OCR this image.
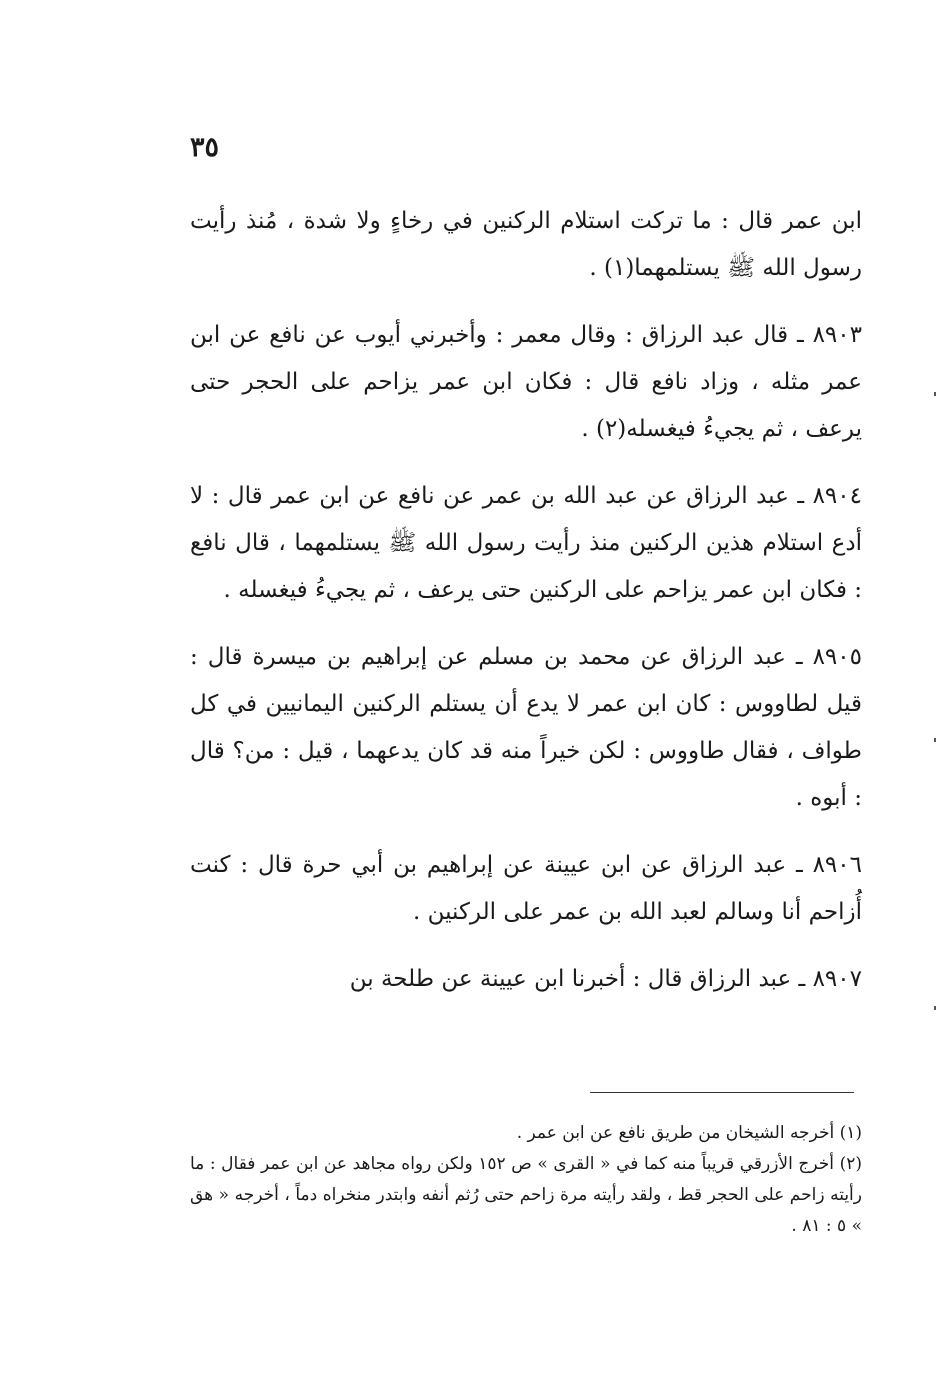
٣٥

ابن عمر قال : ما تركت استلام الركنين في رخاءٍ ولا شدة ، مُنذ رأيت رسول الله ﷺ يستلمهما(١) .

٨٩٠٣ ـ قال عبد الرزاق : وقال معمر : وأخبرني أيوب عن نافع عن ابن عمر مثله ، وزاد نافع قال : فكان ابن عمر يزاحم على الحجر حتى يرعف ، ثم يجيءُ فيغسله(٢) .

٨٩٠٤ ـ عبد الرزاق عن عبد الله بن عمر عن نافع عن ابن عمر قال : لا أدع استلام هذين الركنين منذ رأيت رسول الله ﷺ يستلمهما ، قال نافع : فكان ابن عمر يزاحم على الركنين حتى يرعف ، ثم يجيءُ فيغسله .

٨٩٠٥ ـ عبد الرزاق عن محمد بن مسلم عن إبراهيم بن ميسرة قال : قيل لطاووس : كان ابن عمر لا يدع أن يستلم الركنين اليمانيين في كل طواف ، فقال طاووس : لكن خيراً منه قد كان يدعهما ، قيل : من؟ قال : أبوه .

٨٩٠٦ ـ عبد الرزاق عن ابن عيينة عن إبراهيم بن أبي حرة قال : كنت أُزاحم أنا وسالم لعبد الله بن عمر على الركنين .

٨٩٠٧ ـ عبد الرزاق قال : أخبرنا ابن عيينة عن طلحة بن

(١) أخرجه الشيخان من طريق نافع عن ابن عمر .

(٢) أخرج الأزرقي قريباً منه كما في « القرى » ص ١٥٢ ولكن رواه مجاهد عن ابن عمر فقال : ما رأيته زاحم على الحجر قط ، ولقد رأيته مرة زاحم حتى رُثم أنفه وابتدر منخراه دماً ، أخرجه « هق » ٥ : ٨١ .
